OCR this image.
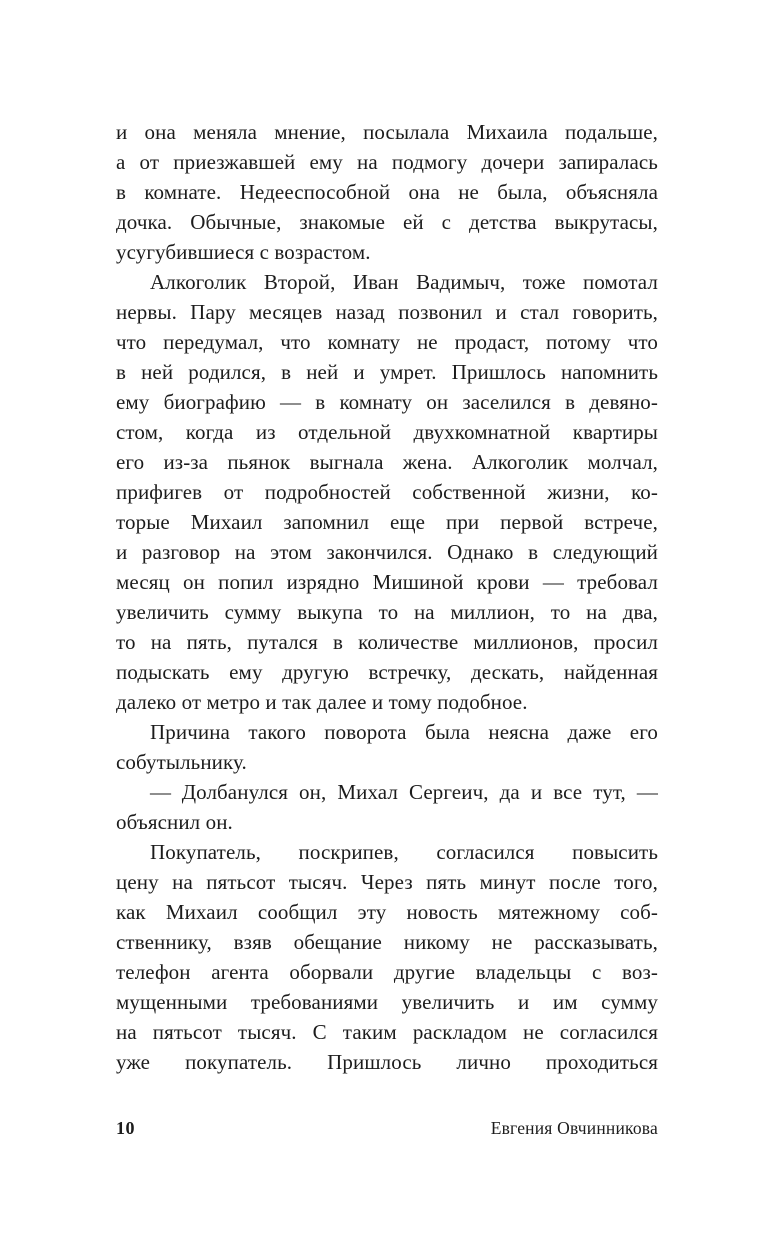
и она меняла мнение, посылала Михаила подальше,
а от приезжавшей ему на подмогу дочери запиралась
в комнате. Недееспособной она не была, объясняла
дочка. Обычные, знакомые ей с детства выкрутасы,
усугубившиеся с возрастом.
Алкоголик Второй, Иван Вадимыч, тоже помотал
нервы. Пару месяцев назад позвонил и стал говорить,
что передумал, что комнату не продаст, потому что
в ней родился, в ней и умрет. Пришлось напомнить
ему биографию — в комнату он заселился в девяно-
стом, когда из отдельной двухкомнатной квартиры
его из-за пьянок выгнала жена. Алкоголик молчал,
прифигев от подробностей собственной жизни, ко-
торые Михаил запомнил еще при первой встрече,
и разговор на этом закончился. Однако в следующий
месяц он попил изрядно Мишиной крови — требовал
увеличить сумму выкупа то на миллион, то на два,
то на пять, путался в количестве миллионов, просил
подыскать ему другую встречку, дескать, найденная
далеко от метро и так далее и тому подобное.
Причина такого поворота была неясна даже его
собутыльнику.
— Долбанулся он, Михал Сергеич, да и все тут, —
объяснил он.
Покупатель, поскрипев, согласился повысить
цену на пятьсот тысяч. Через пять минут после того,
как Михаил сообщил эту новость мятежному соб-
ственнику, взяв обещание никому не рассказывать,
телефон агента оборвали другие владельцы с воз-
мущенными требованиями увеличить и им сумму
на пятьсот тысяч. С таким раскладом не согласился
уже покупатель. Пришлось лично проходиться
10	Евгения Овчинникова
